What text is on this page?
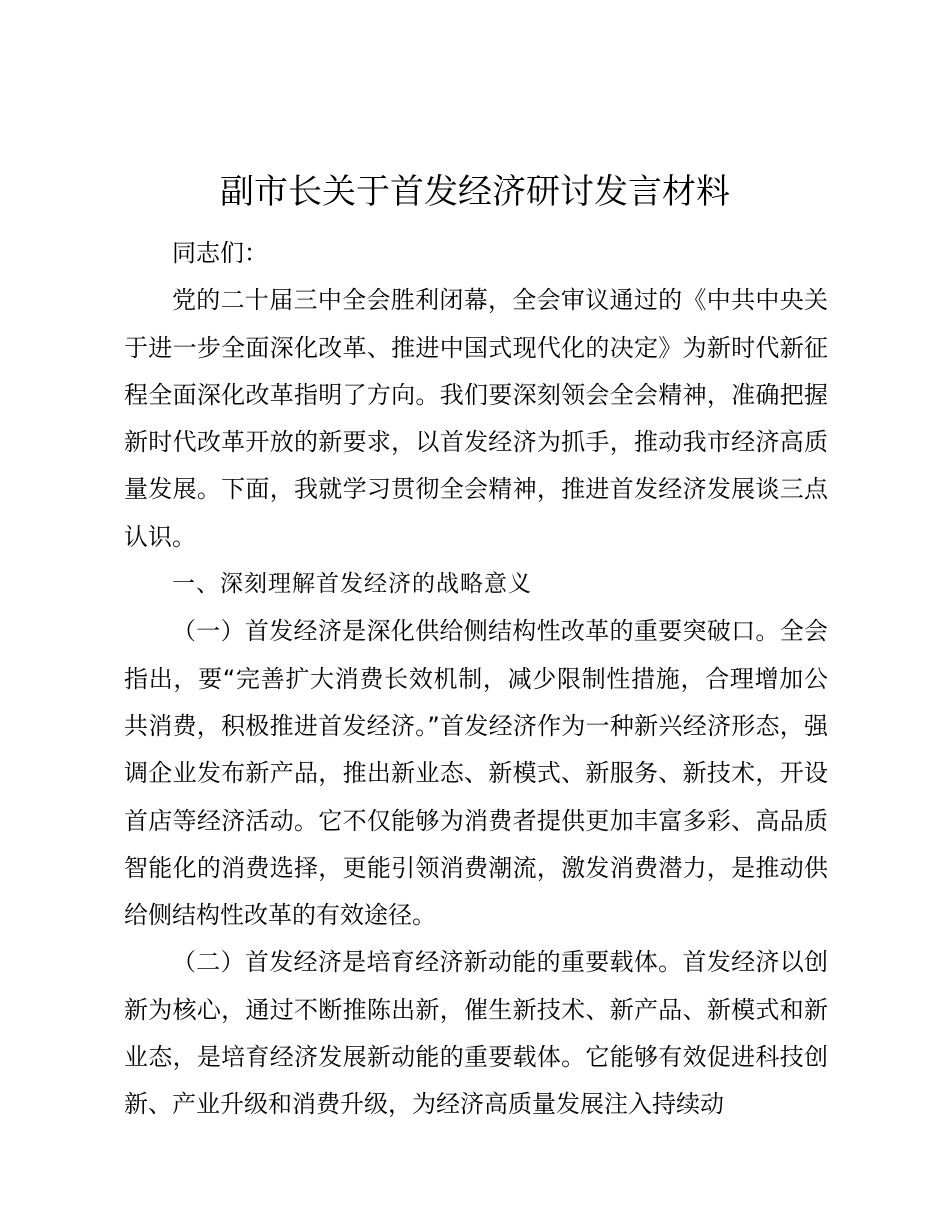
副市长关于首发经济研讨发言材料

同志们：

党的二十届三中全会胜利闭幕，全会审议通过的《中共中央关于进一步全面深化改革、推进中国式现代化的决定》为新时代新征程全面深化改革指明了方向。我们要深刻领会全会精神，准确把握新时代改革开放的新要求，以首发经济为抓手，推动我市经济高质量发展。下面，我就学习贯彻全会精神，推进首发经济发展谈三点认识。

一、深刻理解首发经济的战略意义

（一）首发经济是深化供给侧结构性改革的重要突破口。全会指出，要“完善扩大消费长效机制，减少限制性措施，合理增加公共消费，积极推进首发经济。”首发经济作为一种新兴经济形态，强调企业发布新产品，推出新业态、新模式、新服务、新技术，开设首店等经济活动。它不仅能够为消费者提供更加丰富多彩、高品质智能化的消费选择，更能引领消费潮流，激发消费潜力，是推动供给侧结构性改革的有效途径。

（二）首发经济是培育经济新动能的重要载体。首发经济以创新为核心，通过不断推陈出新，催生新技术、新产品、新模式和新业态，是培育经济发展新动能的重要载体。它能够有效促进科技创新、产业升级和消费升级，为经济高质量发展注入持续动
